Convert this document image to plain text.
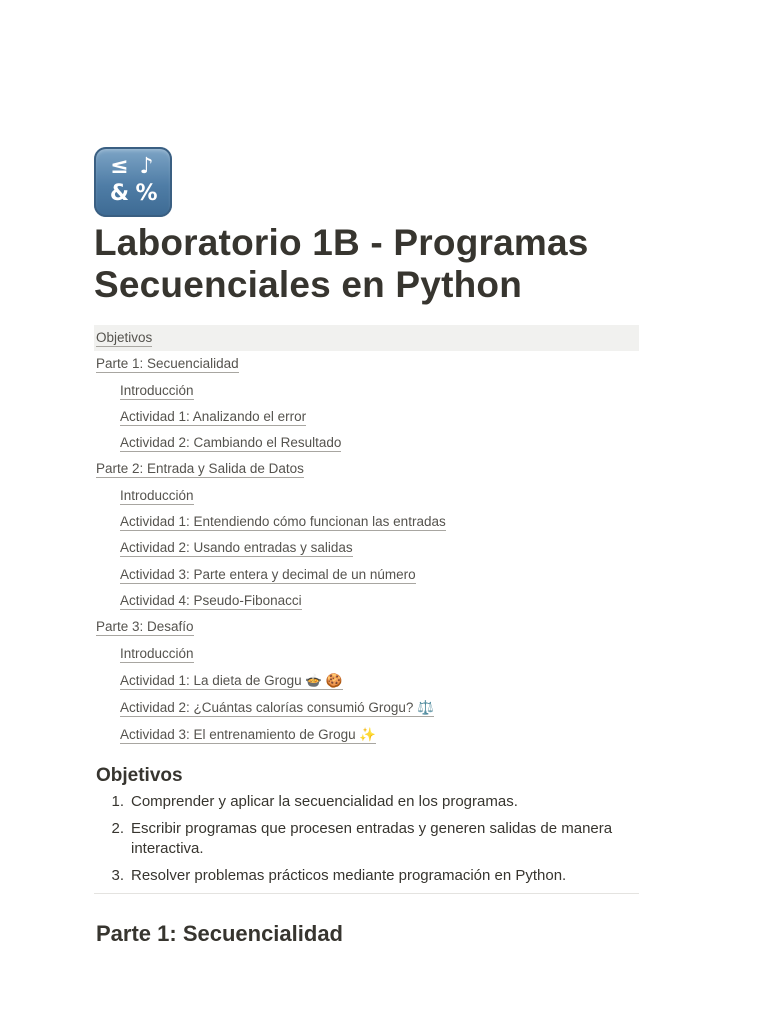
≤ ♪
& %
Laboratorio 1B - Programas
Secuenciales en Python
Objetivos
Parte 1: Secuencialidad
Introducción
Actividad 1: Analizando el error
Actividad 2: Cambiando el Resultado
Parte 2: Entrada y Salida de Datos
Introducción
Actividad 1: Entendiendo cómo funcionan las entradas
Actividad 2: Usando entradas y salidas
Actividad 3: Parte entera y decimal de un número
Actividad 4: Pseudo-Fibonacci
Parte 3: Desafío
Introducción
Actividad 1: La dieta de Grogu 🍲 🍪
Actividad 2: ¿Cuántas calorías consumió Grogu? ⚖️
Actividad 3: El entrenamiento de Grogu ✨
Objetivos
1. Comprender y aplicar la secuencialidad en los programas.
2. Escribir programas que procesen entradas y generen salidas de manera interactiva.
3. Resolver problemas prácticos mediante programación en Python.
Parte 1: Secuencialidad
